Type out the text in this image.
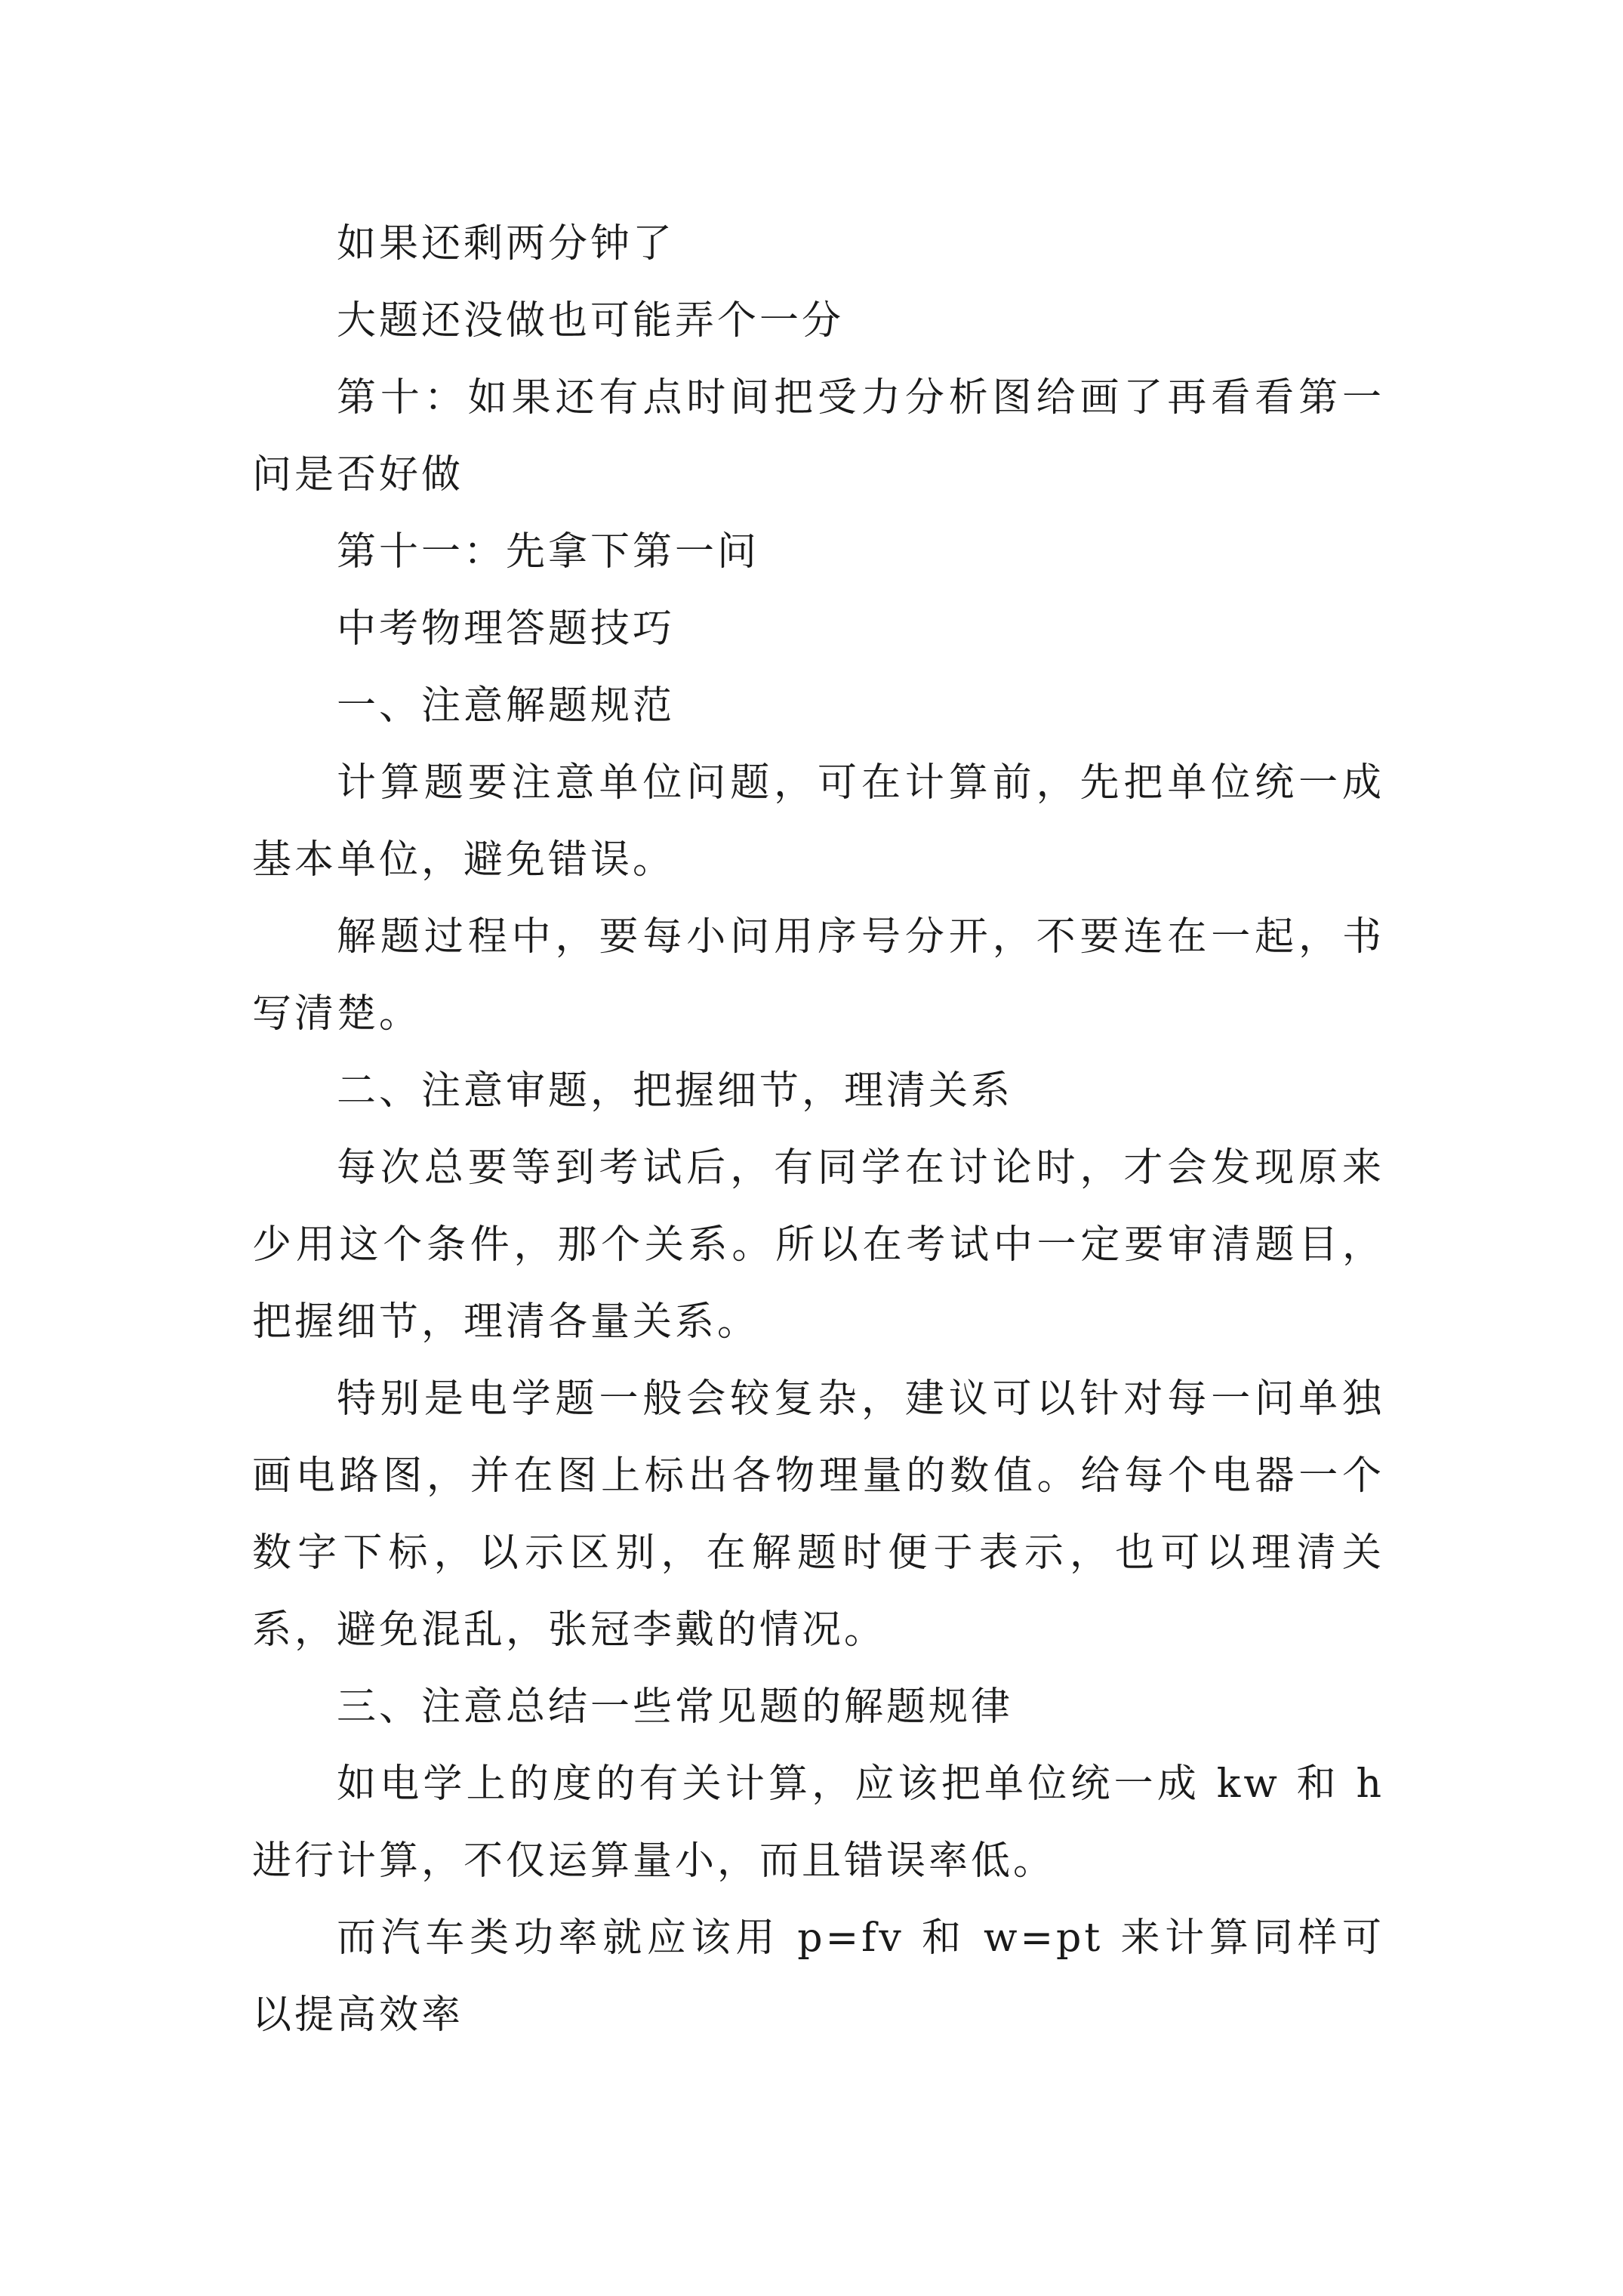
如果还剩两分钟了

大题还没做也可能弄个一分

第十：如果还有点时间把受力分析图给画了再看看第一问是否好做

第十一：先拿下第一问

中考物理答题技巧

一、注意解题规范

计算题要注意单位问题，可在计算前，先把单位统一成基本单位，避免错误。

解题过程中，要每小问用序号分开，不要连在一起，书写清楚。

二、注意审题，把握细节，理清关系

每次总要等到考试后，有同学在讨论时，才会发现原来少用这个条件，那个关系。所以在考试中一定要审清题目，把握细节，理清各量关系。

特别是电学题一般会较复杂，建议可以针对每一问单独画电路图，并在图上标出各物理量的数值。给每个电器一个数字下标，以示区别，在解题时便于表示，也可以理清关系，避免混乱，张冠李戴的情况。

三、注意总结一些常见题的解题规律

如电学上的度的有关计算，应该把单位统一成 kw 和 h 进行计算，不仅运算量小，而且错误率低。

而汽车类功率就应该用 p=fv 和 w=pt 来计算同样可以提高效率
